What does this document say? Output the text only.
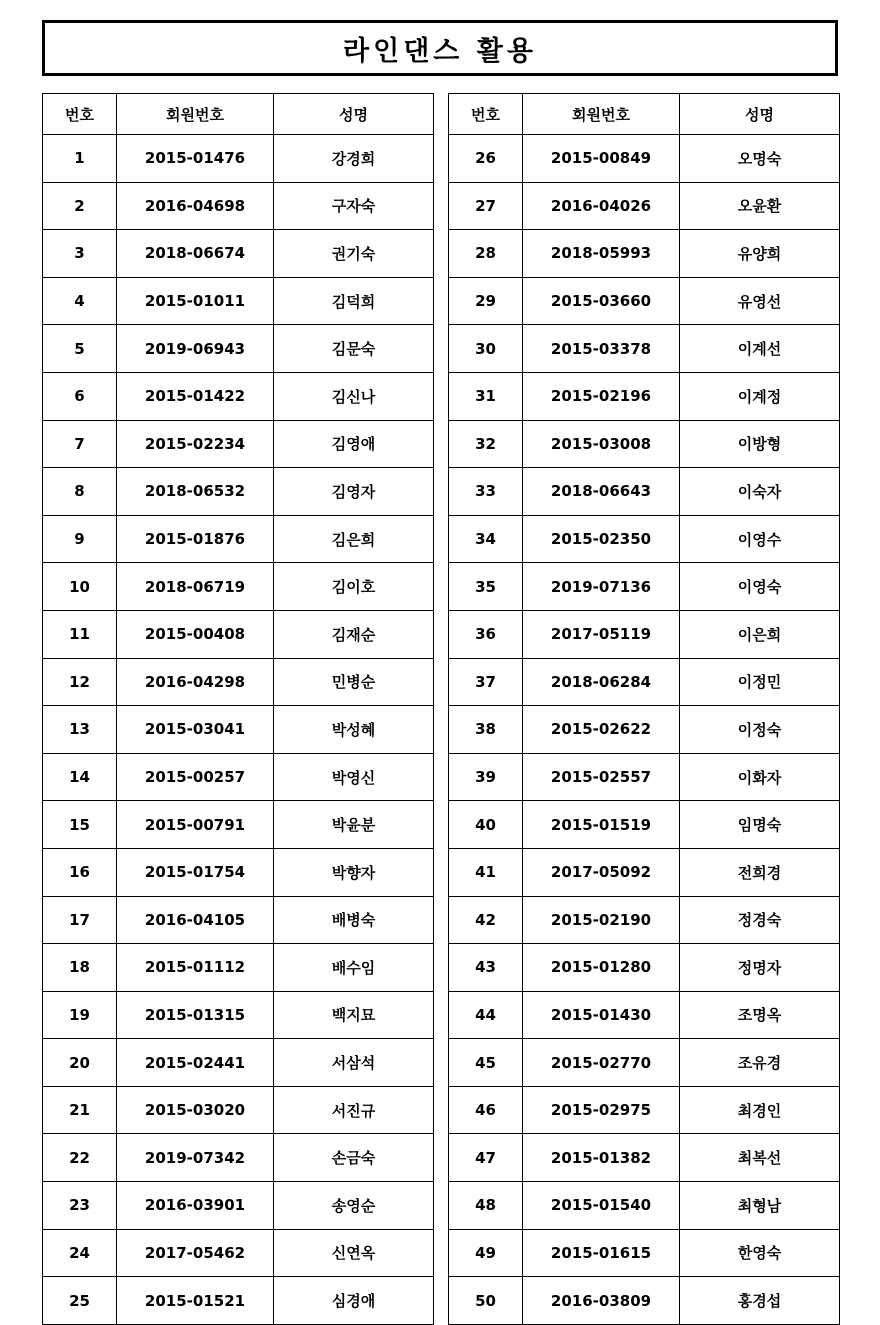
라인댄스 활용
번호	회원번호	성명
1	2015-01476	강경희
2	2016-04698	구자숙
3	2018-06674	권기숙
4	2015-01011	김덕희
5	2019-06943	김문숙
6	2015-01422	김신나
7	2015-02234	김영애
8	2018-06532	김영자
9	2015-01876	김은희
10	2018-06719	김이호
11	2015-00408	김재순
12	2016-04298	민병순
13	2015-03041	박성혜
14	2015-00257	박영신
15	2015-00791	박윤분
16	2015-01754	박향자
17	2016-04105	배병숙
18	2015-01112	배수임
19	2015-01315	백지묘
20	2015-02441	서삼석
21	2015-03020	서진규
22	2019-07342	손금숙
23	2016-03901	송영순
24	2017-05462	신연옥
25	2015-01521	심경애
번호	회원번호	성명
26	2015-00849	오명숙
27	2016-04026	오윤환
28	2018-05993	유양희
29	2015-03660	유영선
30	2015-03378	이계선
31	2015-02196	이계정
32	2015-03008	이방형
33	2018-06643	이숙자
34	2015-02350	이영수
35	2019-07136	이영숙
36	2017-05119	이은희
37	2018-06284	이정민
38	2015-02622	이정숙
39	2015-02557	이화자
40	2015-01519	임명숙
41	2017-05092	전희경
42	2015-02190	정경숙
43	2015-01280	정명자
44	2015-01430	조명옥
45	2015-02770	조유경
46	2015-02975	최경인
47	2015-01382	최복선
48	2015-01540	최형남
49	2015-01615	한영숙
50	2016-03809	홍경섭
